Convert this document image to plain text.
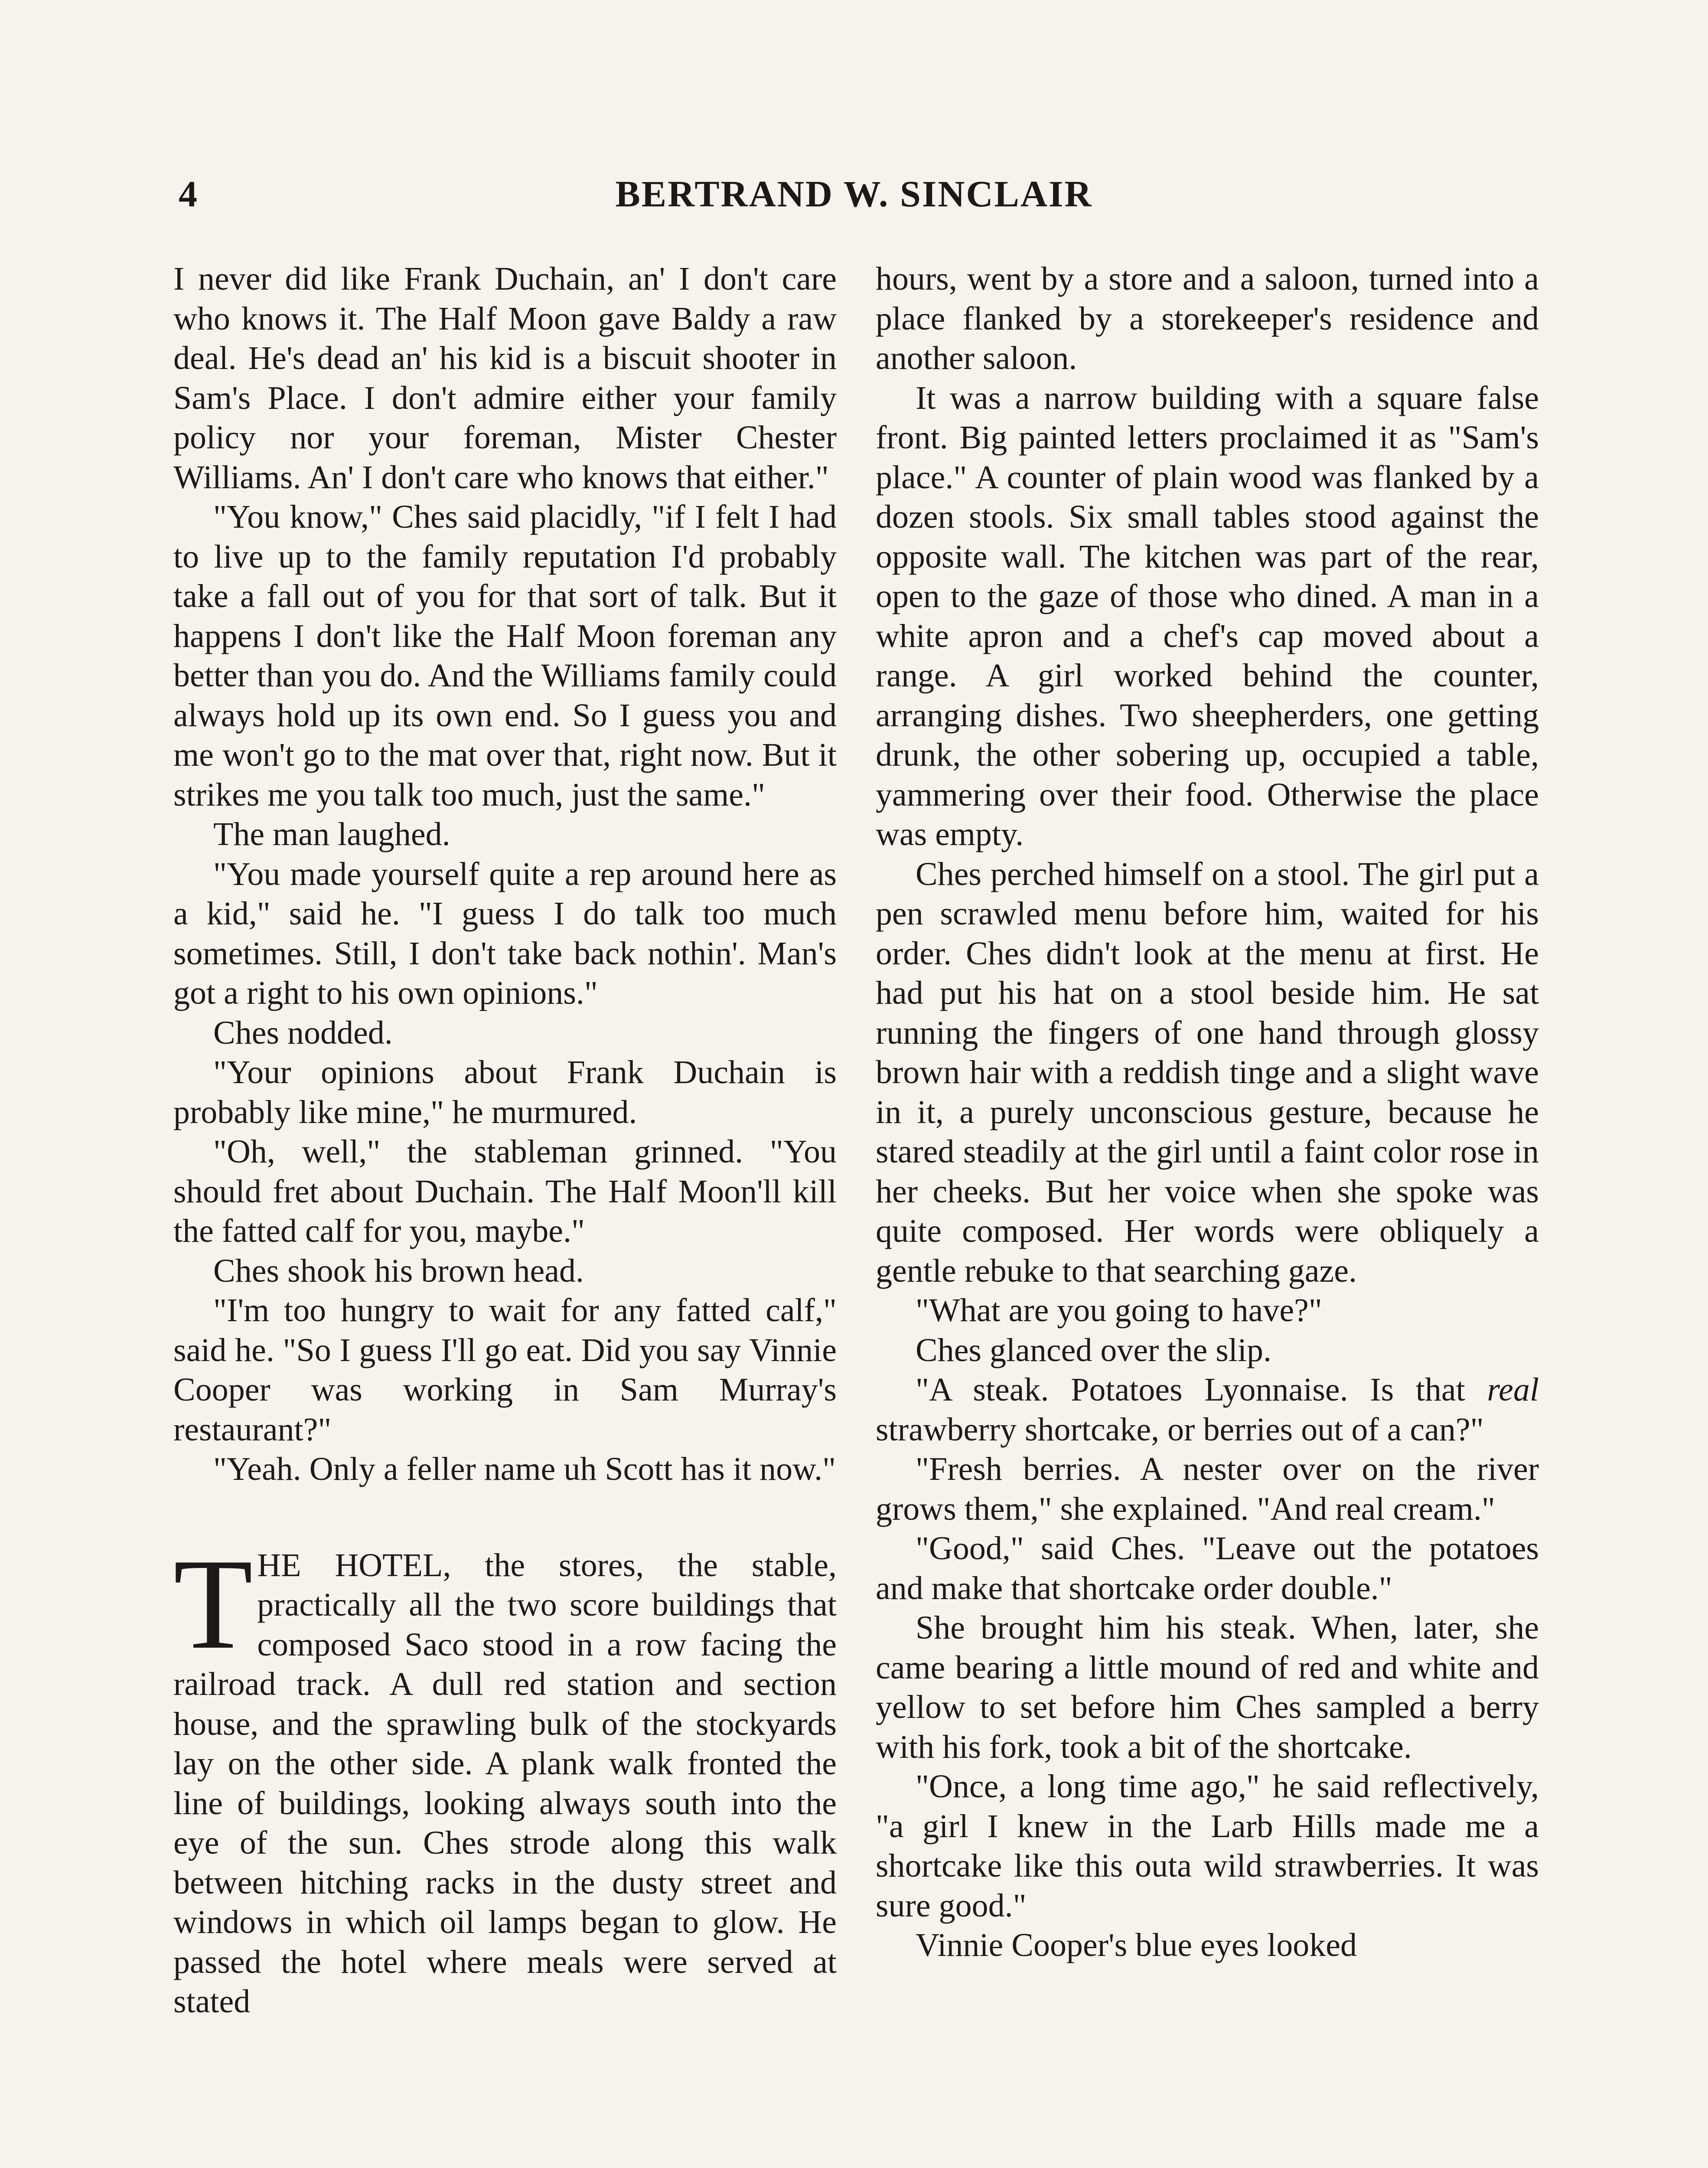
4	BERTRAND W. SINCLAIR

I never did like Frank Duchain, an' I don't care who knows it. The Half Moon gave Baldy a raw deal. He's dead an' his kid is a biscuit shooter in Sam's Place. I don't admire either your family policy nor your foreman, Mister Chester Williams. An' I don't care who knows that either."

"You know," Ches said placidly, "if I felt I had to live up to the family reputation I'd probably take a fall out of you for that sort of talk. But it happens I don't like the Half Moon foreman any better than you do. And the Williams family could always hold up its own end. So I guess you and me won't go to the mat over that, right now. But it strikes me you talk too much, just the same."

The man laughed.

"You made yourself quite a rep around here as a kid," said he. "I guess I do talk too much sometimes. Still, I don't take back nothin'. Man's got a right to his own opinions."

Ches nodded.

"Your opinions about Frank Duchain is probably like mine," he murmured.

"Oh, well," the stableman grinned. "You should fret about Duchain. The Half Moon'll kill the fatted calf for you, maybe."

Ches shook his brown head.

"I'm too hungry to wait for any fatted calf," said he. "So I guess I'll go eat. Did you say Vinnie Cooper was working in Sam Murray's restaurant?"

"Yeah. Only a feller name uh Scott has it now."

THE HOTEL, the stores, the stable, practically all the two score buildings that composed Saco stood in a row facing the railroad track. A dull red station and section house, and the sprawling bulk of the stockyards lay on the other side. A plank walk fronted the line of buildings, looking always south into the eye of the sun. Ches strode along this walk between hitching racks in the dusty street and windows in which oil lamps began to glow. He passed the hotel where meals were served at stated

hours, went by a store and a saloon, turned into a place flanked by a storekeeper's residence and another saloon.

It was a narrow building with a square false front. Big painted letters proclaimed it as "Sam's place." A counter of plain wood was flanked by a dozen stools. Six small tables stood against the opposite wall. The kitchen was part of the rear, open to the gaze of those who dined. A man in a white apron and a chef's cap moved about a range. A girl worked behind the counter, arranging dishes. Two sheepherders, one getting drunk, the other sobering up, occupied a table, yammering over their food. Otherwise the place was empty.

Ches perched himself on a stool. The girl put a pen scrawled menu before him, waited for his order. Ches didn't look at the menu at first. He had put his hat on a stool beside him. He sat running the fingers of one hand through glossy brown hair with a reddish tinge and a slight wave in it, a purely unconscious gesture, because he stared steadily at the girl until a faint color rose in her cheeks. But her voice when she spoke was quite composed. Her words were obliquely a gentle rebuke to that searching gaze.

"What are you going to have?"

Ches glanced over the slip.

"A steak. Potatoes Lyonnaise. Is that real strawberry shortcake, or berries out of a can?"

"Fresh berries. A nester over on the river grows them," she explained. "And real cream."

"Good," said Ches. "Leave out the potatoes and make that shortcake order double."

She brought him his steak. When, later, she came bearing a little mound of red and white and yellow to set before him Ches sampled a berry with his fork, took a bit of the shortcake.

"Once, a long time ago," he said reflectively, "a girl I knew in the Larb Hills made me a shortcake like this outa wild strawberries. It was sure good."

Vinnie Cooper's blue eyes looked
